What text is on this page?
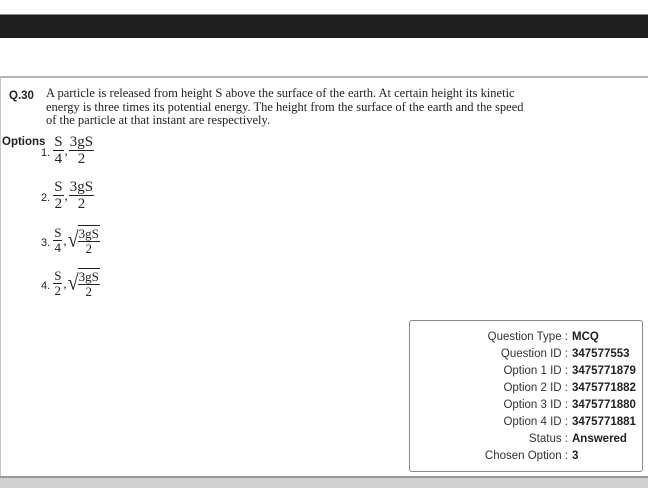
Q.30 A particle is released from height S above the surface of the earth. At certain height its kinetic energy is three times its potential energy. The height from the surface of the earth and the speed of the particle at that instant are respectively.
Options
1. $\frac{S}{4}$ , $\frac{3gS}{2}$
2. $\frac{S}{2}$ , $\frac{3gS}{2}$
3. $\frac{S}{4}$ , √ $\frac{3gS}{2}$
4. $\frac{S}{2}$ , √ $\frac{3gS}{2}$
Question Type : MCQ
Question ID : 347577553
Option 1 ID : 3475771879
Option 2 ID : 3475771882
Option 3 ID : 3475771880
Option 4 ID : 3475771881
Status : Answered
Chosen Option : 3
